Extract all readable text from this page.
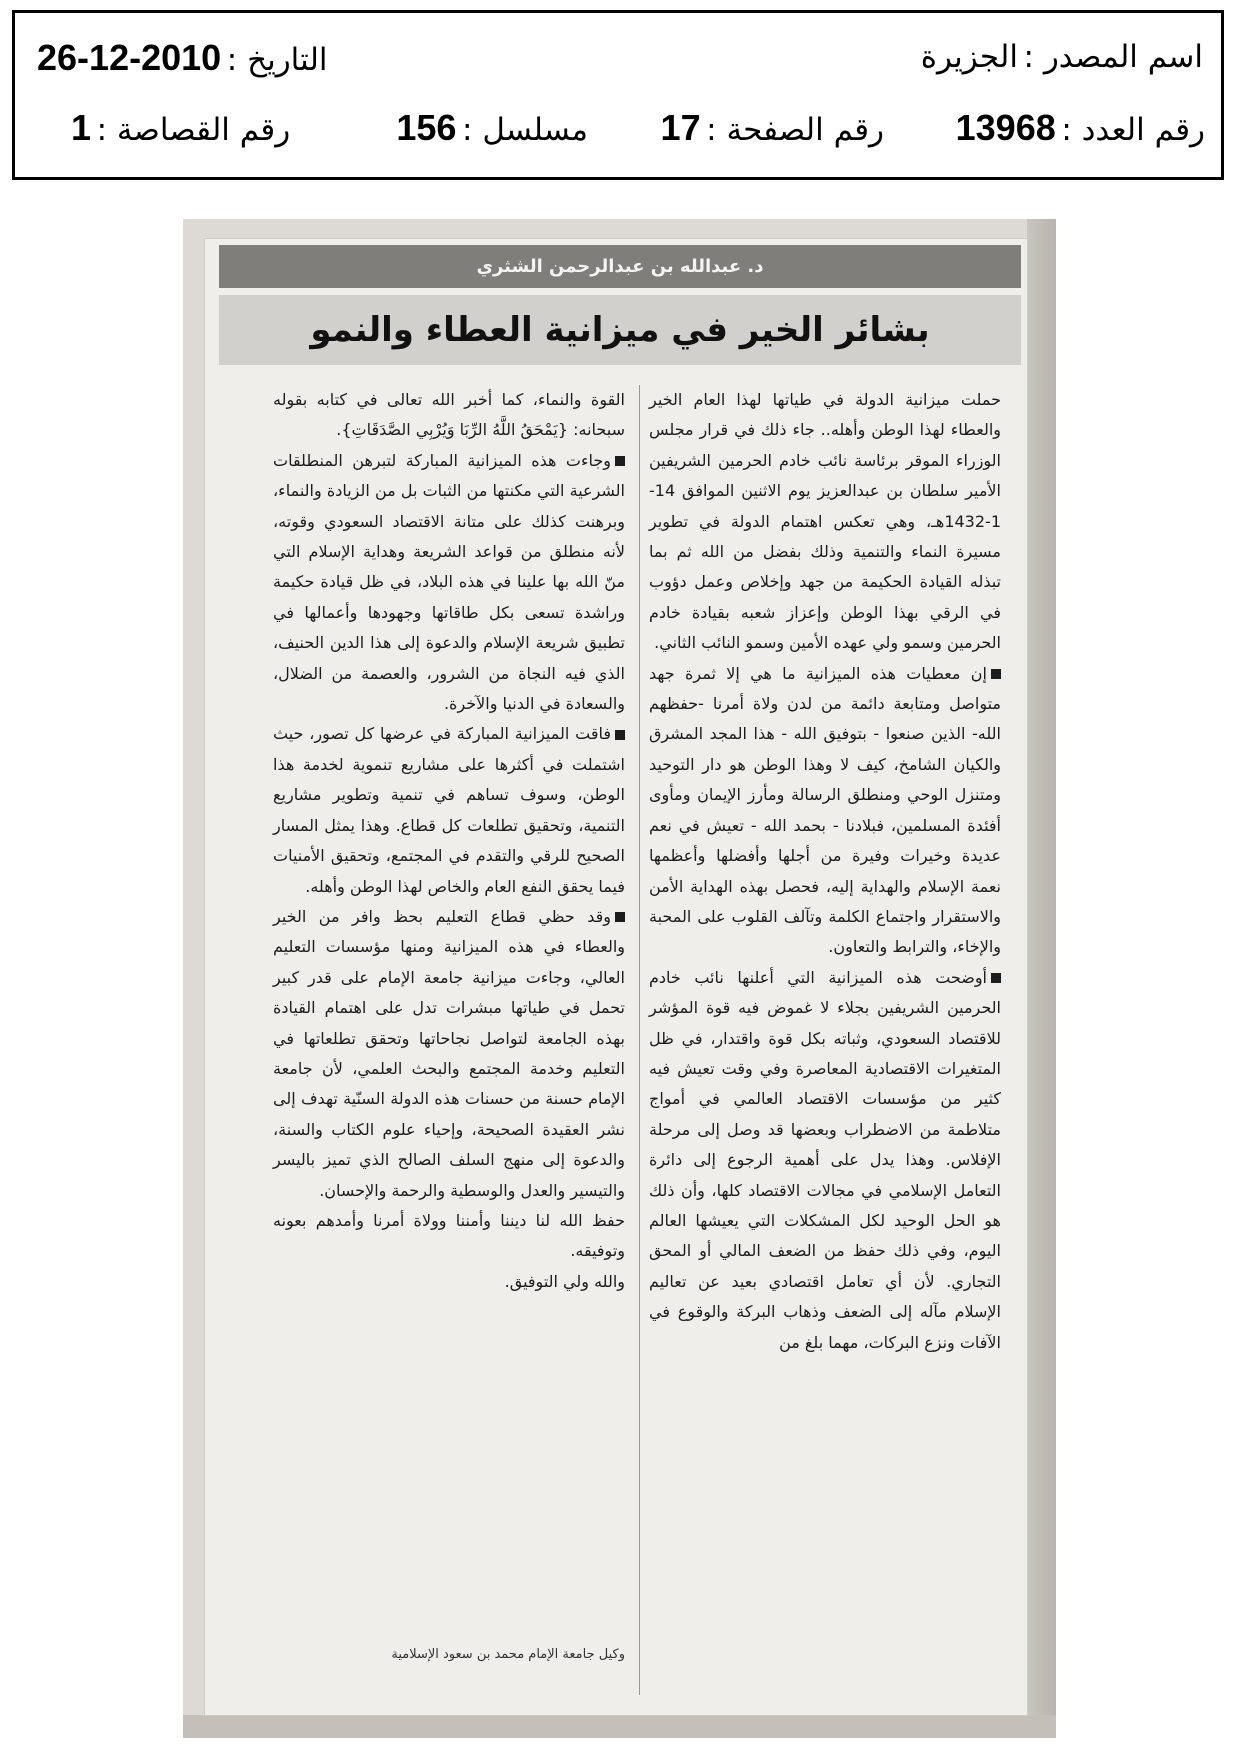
اسم المصدر : الجزيرة
التاريخ : 2010-12-26
رقم العدد : 13968
رقم الصفحة : 17
مسلسل : 156
رقم القصاصة : 1
د. عبدالله بن عبدالرحمن الشثري
بشائر الخير في ميزانية العطاء والنمو

حملت ميزانية الدولة في طياتها لهذا العام الخير والعطاء لهذا الوطن وأهله.. جاء ذلك في قرار مجلس الوزراء الموقر برئاسة نائب خادم الحرمين الشريفين الأمير سلطان بن عبدالعزيز يوم الاثنين الموافق 14-1-1432هـ، وهي تعكس اهتمام الدولة في تطوير مسيرة النماء والتنمية وذلك بفضل من الله ثم بما تبذله القيادة الحكيمة من جهد وإخلاص وعمل دؤوب في الرقي بهذا الوطن وإعزاز شعبه بقيادة خادم الحرمين وسمو ولي عهده الأمين وسمو النائب الثاني.

إن معطيات هذه الميزانية ما هي إلا ثمرة جهد متواصل ومتابعة دائمة من لدن ولاة أمرنا -حفظهم الله- الذين صنعوا - بتوفيق الله - هذا المجد المشرق والكيان الشامخ، كيف لا وهذا الوطن هو دار التوحيد ومتنزل الوحي ومنطلق الرسالة ومأرز الإيمان ومأوى أفئدة المسلمين، فبلادنا - بحمد الله - تعيش في نعم عديدة وخيرات وفيرة من أجلها وأفضلها وأعظمها نعمة الإسلام والهداية إليه، فحصل بهذه الهداية الأمن والاستقرار واجتماع الكلمة وتآلف القلوب على المحبة والإخاء، والترابط والتعاون.

أوضحت هذه الميزانية التي أعلنها نائب خادم الحرمين الشريفين بجلاء لا غموض فيه قوة المؤشر للاقتصاد السعودي، وثباته بكل قوة واقتدار، في ظل المتغيرات الاقتصادية المعاصرة وفي وقت تعيش فيه كثير من مؤسسات الاقتصاد العالمي في أمواج متلاطمة من الاضطراب وبعضها قد وصل إلى مرحلة الإفلاس. وهذا يدل على أهمية الرجوع إلى دائرة التعامل الإسلامي في مجالات الاقتصاد كلها، وأن ذلك هو الحل الوحيد لكل المشكلات التي يعيشها العالم اليوم، وفي ذلك حفظ من الضعف المالي أو المحق التجاري. لأن أي تعامل اقتصادي بعيد عن تعاليم الإسلام مآله إلى الضعف وذهاب البركة والوقوع في الآفات ونزع البركات، مهما بلغ من

القوة والنماء، كما أخبر الله تعالى في كتابه بقوله سبحانه: {يَمْحَقُ اللَّهُ الرِّبَا وَيُرْبِي الصَّدَقَاتِ}.

وجاءت هذه الميزانية المباركة لتبرهن المنطلقات الشرعية التي مكنتها من الثبات بل من الزيادة والنماء، وبرهنت كذلك على متانة الاقتصاد السعودي وقوته، لأنه منطلق من قواعد الشريعة وهداية الإسلام التي منّ الله بها علينا في هذه البلاد، في ظل قيادة حكيمة وراشدة تسعى بكل طاقاتها وجهودها وأعمالها في تطبيق شريعة الإسلام والدعوة إلى هذا الدين الحنيف، الذي فيه النجاة من الشرور، والعصمة من الضلال، والسعادة في الدنيا والآخرة.

فاقت الميزانية المباركة في عرضها كل تصور، حيث اشتملت في أكثرها على مشاريع تنموية لخدمة هذا الوطن، وسوف تساهم في تنمية وتطوير مشاريع التنمية، وتحقيق تطلعات كل قطاع. وهذا يمثل المسار الصحيح للرقي والتقدم في المجتمع، وتحقيق الأمنيات فيما يحقق النفع العام والخاص لهذا الوطن وأهله.

وقد حظي قطاع التعليم بحظ وافر من الخير والعطاء في هذه الميزانية ومنها مؤسسات التعليم العالي، وجاءت ميزانية جامعة الإمام على قدر كبير تحمل في طياتها مبشرات تدل على اهتمام القيادة بهذه الجامعة لتواصل نجاحاتها وتحقق تطلعاتها في التعليم وخدمة المجتمع والبحث العلمي، لأن جامعة الإمام حسنة من حسنات هذه الدولة السنّية تهدف إلى نشر العقيدة الصحيحة، وإحياء علوم الكتاب والسنة، والدعوة إلى منهج السلف الصالح الذي تميز باليسر والتيسير والعدل والوسطية والرحمة والإحسان.

حفظ الله لنا ديننا وأمننا وولاة أمرنا وأمدهم بعونه وتوفيقه.

والله ولي التوفيق.

وكيل جامعة الإمام محمد بن سعود الإسلامية
